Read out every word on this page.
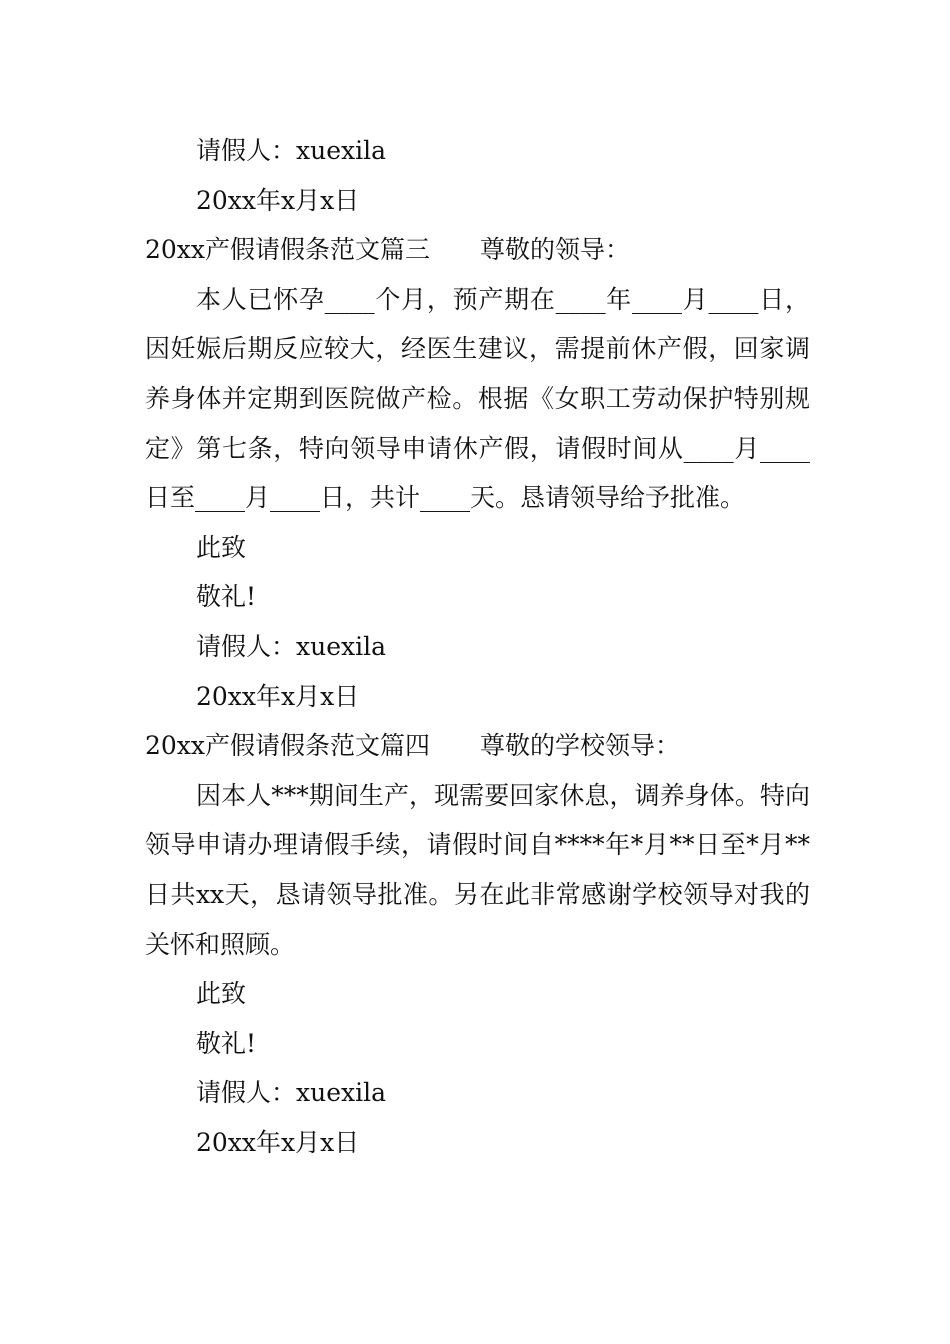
请假人：xuexila

20xx年x月x日

20xx产假请假条范文篇三 尊敬的领导：

本人已怀孕____个月，预产期在____年____月____日，因妊娠后期反应较大，经医生建议，需提前休产假，回家调养身体并定期到医院做产检。根据《女职工劳动保护特别规定》第七条，特向领导申请休产假，请假时间从____月____日至____月____日，共计____天。恳请领导给予批准。

此致

敬礼!

请假人：xuexila

20xx年x月x日

20xx产假请假条范文篇四 尊敬的学校领导：

因本人***期间生产，现需要回家休息，调养身体。特向领导申请办理请假手续，请假时间自****年*月**日至*月**日共xx天，恳请领导批准。另在此非常感谢学校领导对我的关怀和照顾。

此致

敬礼!

请假人：xuexila

20xx年x月x日
